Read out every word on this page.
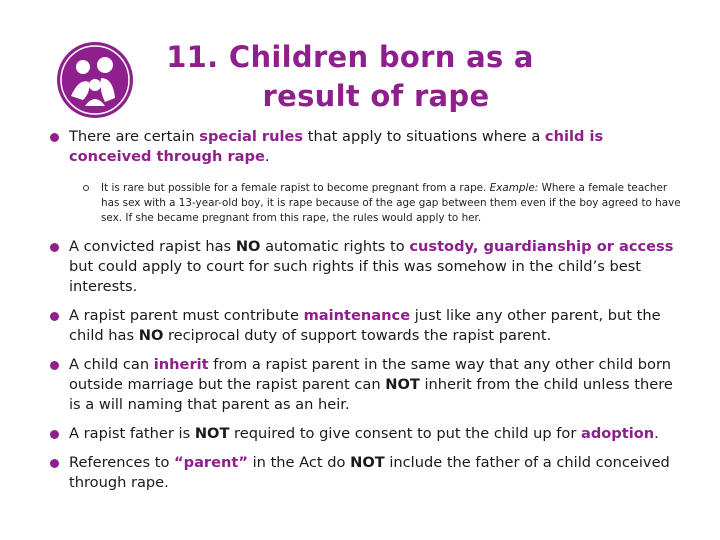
11. Children born as a
result of rape
There are certain special rules that apply to situations where a child is conceived through rape.
It is rare but possible for a female rapist to become pregnant from a rape. Example: Where a female teacher has sex with a 13-year-old boy, it is rape because of the age gap between them even if the boy agreed to have sex. If she became pregnant from this rape, the rules would apply to her.
A convicted rapist has NO automatic rights to custody, guardianship or access but could apply to court for such rights if this was somehow in the child’s best interests.
A rapist parent must contribute maintenance just like any other parent, but the child has NO reciprocal duty of support towards the rapist parent.
A child can inherit from a rapist parent in the same way that any other child born outside marriage but the rapist parent can NOT inherit from the child unless there is a will naming that parent as an heir.
A rapist father is NOT required to give consent to put the child up for adoption.
References to “parent” in the Act do NOT include the father of a child conceived through rape.
